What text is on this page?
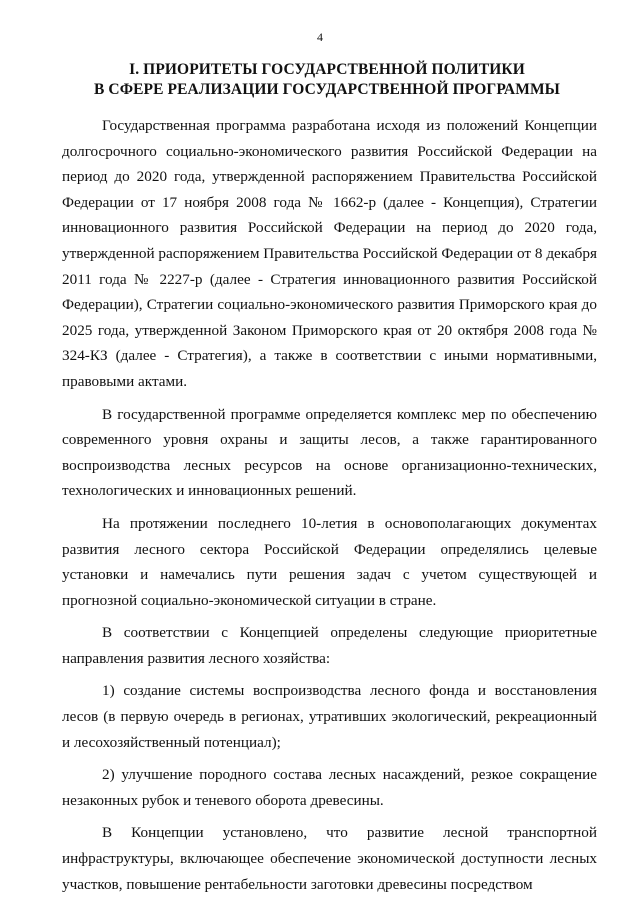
4
I. ПРИОРИТЕТЫ ГОСУДАРСТВЕННОЙ ПОЛИТИКИ
В СФЕРЕ РЕАЛИЗАЦИИ ГОСУДАРСТВЕННОЙ ПРОГРАММЫ

Государственная программа разработана исходя из положений Концепции долгосрочного социально-экономического развития Российской Федерации на период до 2020 года, утвержденной распоряжением Правительства Российской Федерации от 17 ноября 2008 года № 1662-р (далее - Концепция), Стратегии инновационного развития Российской Федерации на период до 2020 года, утвержденной распоряжением Правительства Российской Федерации от 8 декабря 2011 года № 2227-р (далее - Стратегия инновационного развития Российской Федерации), Стратегии социально-экономического развития Приморского края до 2025 года, утвержденной Законом Приморского края от 20 октября 2008 года № 324-КЗ (далее - Стратегия), а также в соответствии с иными нормативными, правовыми актами.

В государственной программе определяется комплекс мер по обеспечению современного уровня охраны и защиты лесов, а также гарантированного воспроизводства лесных ресурсов на основе организационно-технических, технологических и инновационных решений.

На протяжении последнего 10-летия в основополагающих документах развития лесного сектора Российской Федерации определялись целевые установки и намечались пути решения задач с учетом существующей и прогнозной социально-экономической ситуации в стране.

В соответствии с Концепцией определены следующие приоритетные направления развития лесного хозяйства:

1) создание системы воспроизводства лесного фонда и восстановления лесов (в первую очередь в регионах, утративших экологический, рекреационный и лесохозяйственный потенциал);

2) улучшение породного состава лесных насаждений, резкое сокращение незаконных рубок и теневого оборота древесины.

В Концепции установлено, что развитие лесной транспортной инфраструктуры, включающее обеспечение экономической доступности лесных участков, повышение рентабельности заготовки древесины посредством
